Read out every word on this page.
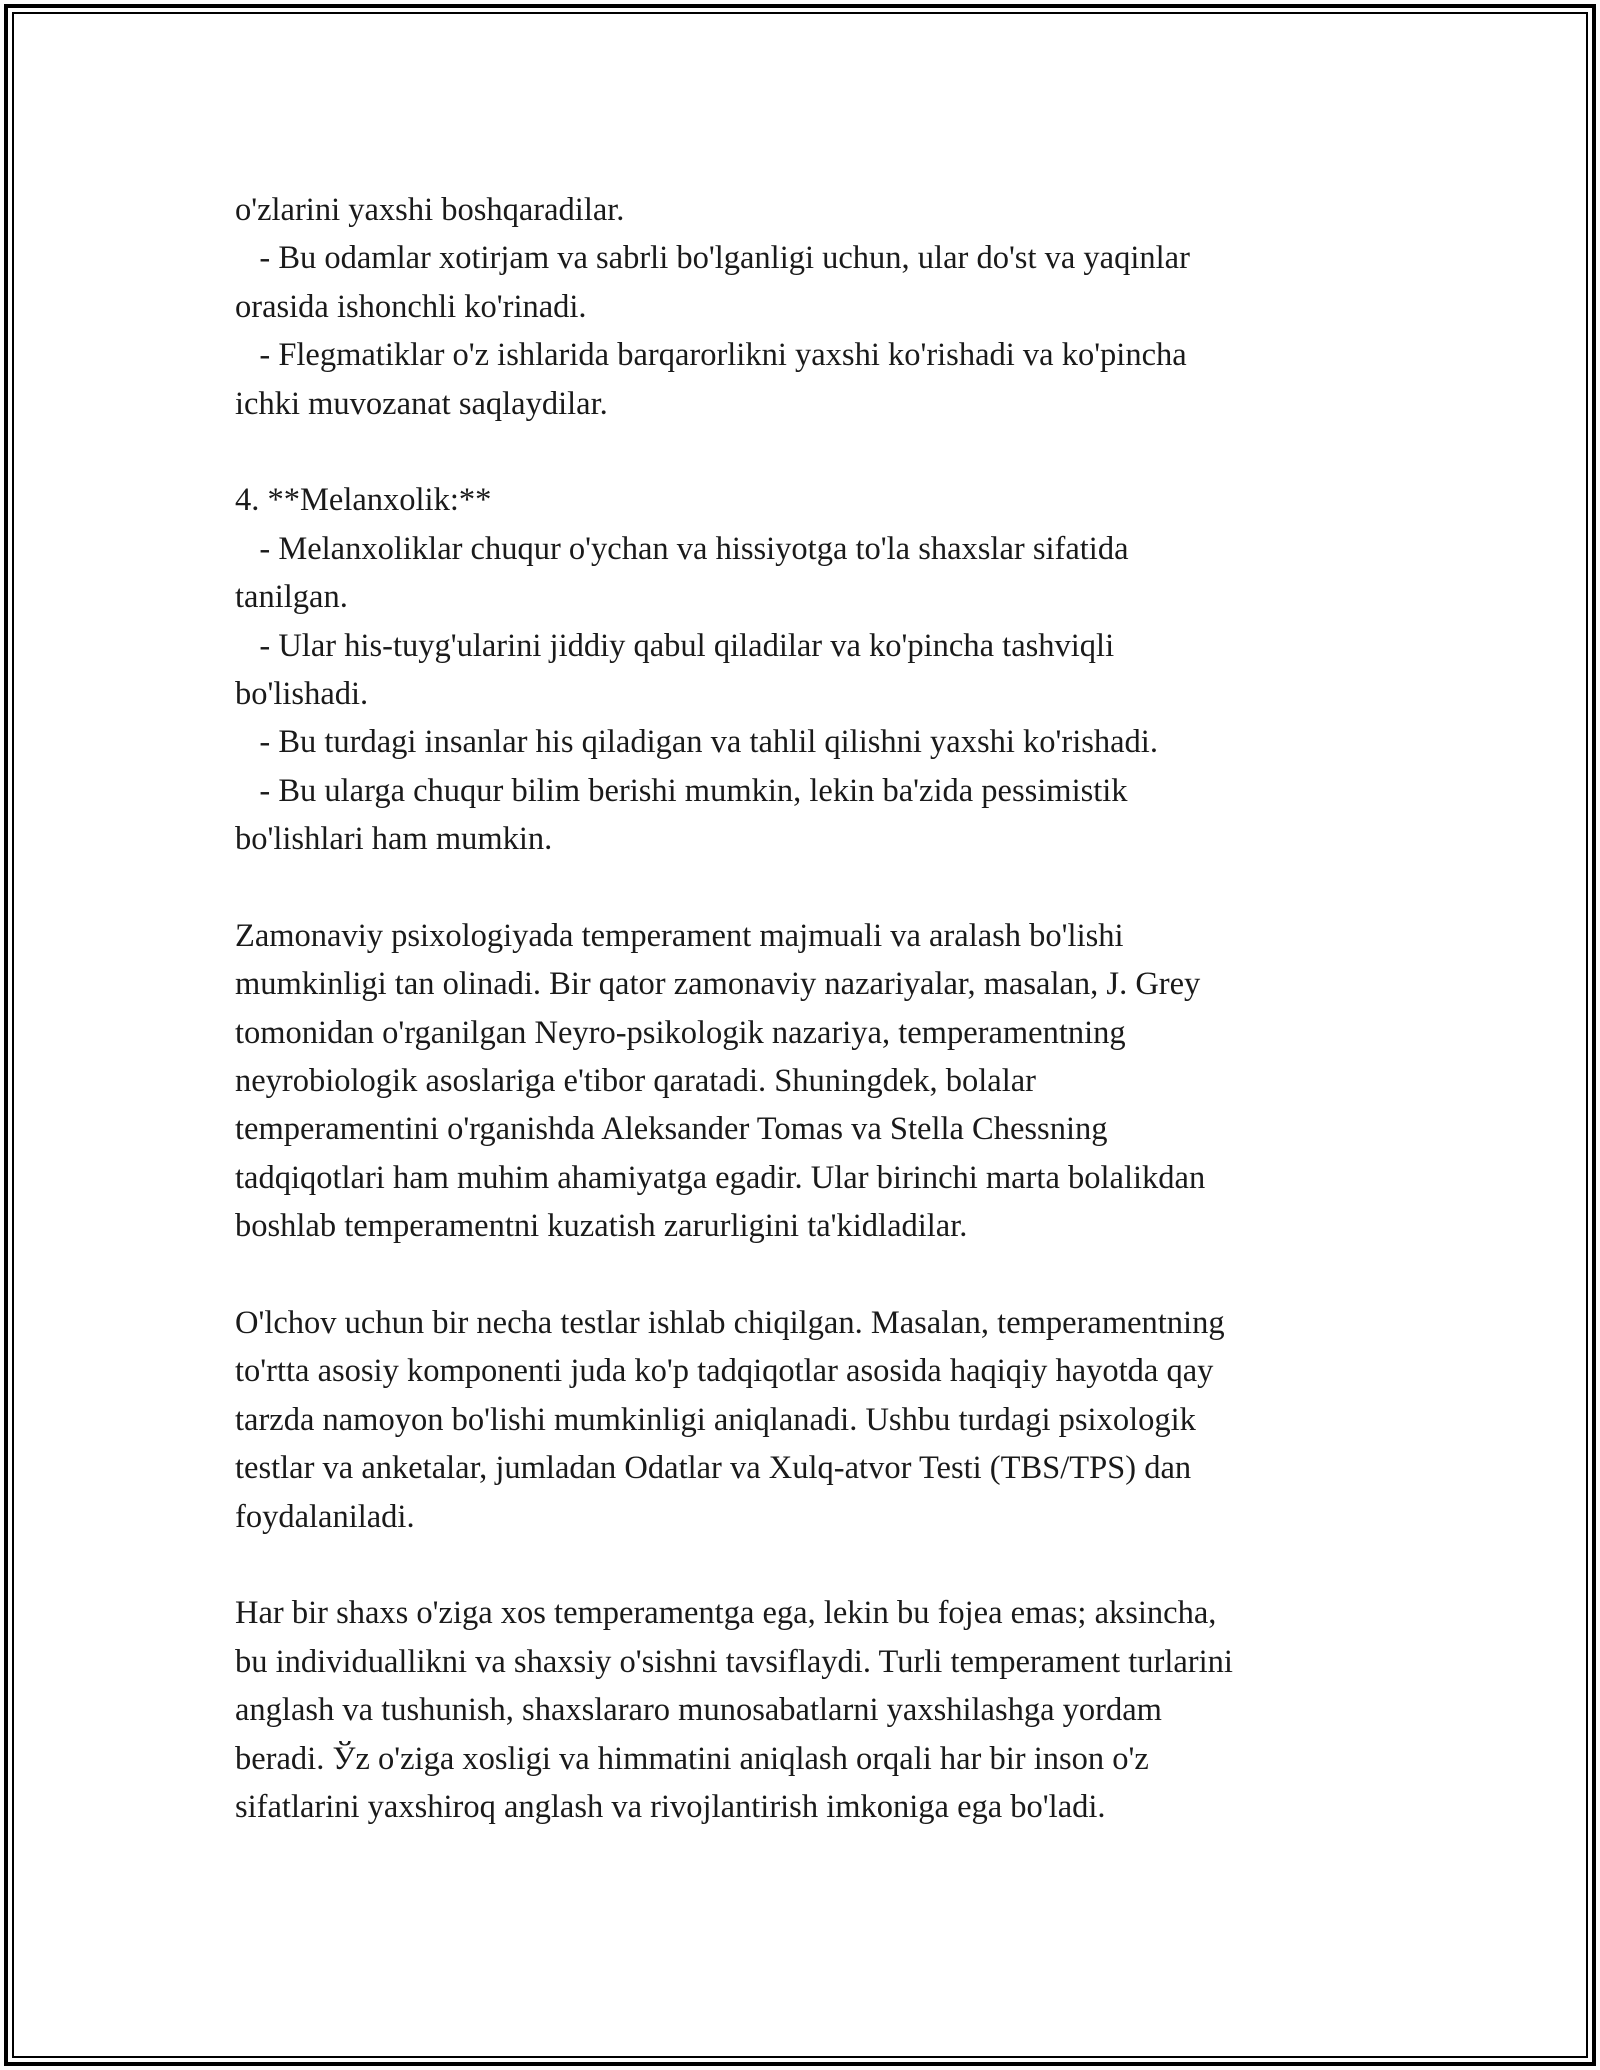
o'zlarini yaxshi boshqaradilar.
- Bu odamlar xotirjam va sabrli bo'lganligi uchun, ular do'st va yaqinlar
orasida ishonchli ko'rinadi.
- Flegmatiklar o'z ishlarida barqarorlikni yaxshi ko'rishadi va ko'pincha
ichki muvozanat saqlaydilar.
4. **Melanxolik:**
- Melanxoliklar chuqur o'ychan va hissiyotga to'la shaxslar sifatida
tanilgan.
- Ular his-tuyg'ularini jiddiy qabul qiladilar va ko'pincha tashviqli
bo'lishadi.
- Bu turdagi insanlar his qiladigan va tahlil qilishni yaxshi ko'rishadi.
- Bu ularga chuqur bilim berishi mumkin, lekin ba'zida pessimistik
bo'lishlari ham mumkin.
Zamonaviy psixologiyada temperament majmuali va aralash bo'lishi
mumkinligi tan olinadi. Bir qator zamonaviy nazariyalar, masalan, J. Grey
tomonidan o'rganilgan Neyro-psikologik nazariya, temperamentning
neyrobiologik asoslariga e'tibor qaratadi. Shuningdek, bolalar
temperamentini o'rganishda Aleksander Tomas va Stella Chessning
tadqiqotlari ham muhim ahamiyatga egadir. Ular birinchi marta bolalikdan
boshlab temperamentni kuzatish zarurligini ta'kidladilar.
O'lchov uchun bir necha testlar ishlab chiqilgan. Masalan, temperamentning
to'rtta asosiy komponenti juda ko'p tadqiqotlar asosida haqiqiy hayotda qay
tarzda namoyon bo'lishi mumkinligi aniqlanadi. Ushbu turdagi psixologik
testlar va anketalar, jumladan Odatlar va Xulq-atvor Testi (TBS/TPS) dan
foydalaniladi.
Har bir shaxs o'ziga xos temperamentga ega, lekin bu fojea emas; aksincha,
bu individuallikni va shaxsiy o'sishni tavsiflaydi. Turli temperament turlarini
anglash va tushunish, shaxslararo munosabatlarni yaxshilashga yordam
beradi. Ўz o'ziga xosligi va himmatini aniqlash orqali har bir inson o'z
sifatlarini yaxshiroq anglash va rivojlantirish imkoniga ega bo'ladi.
